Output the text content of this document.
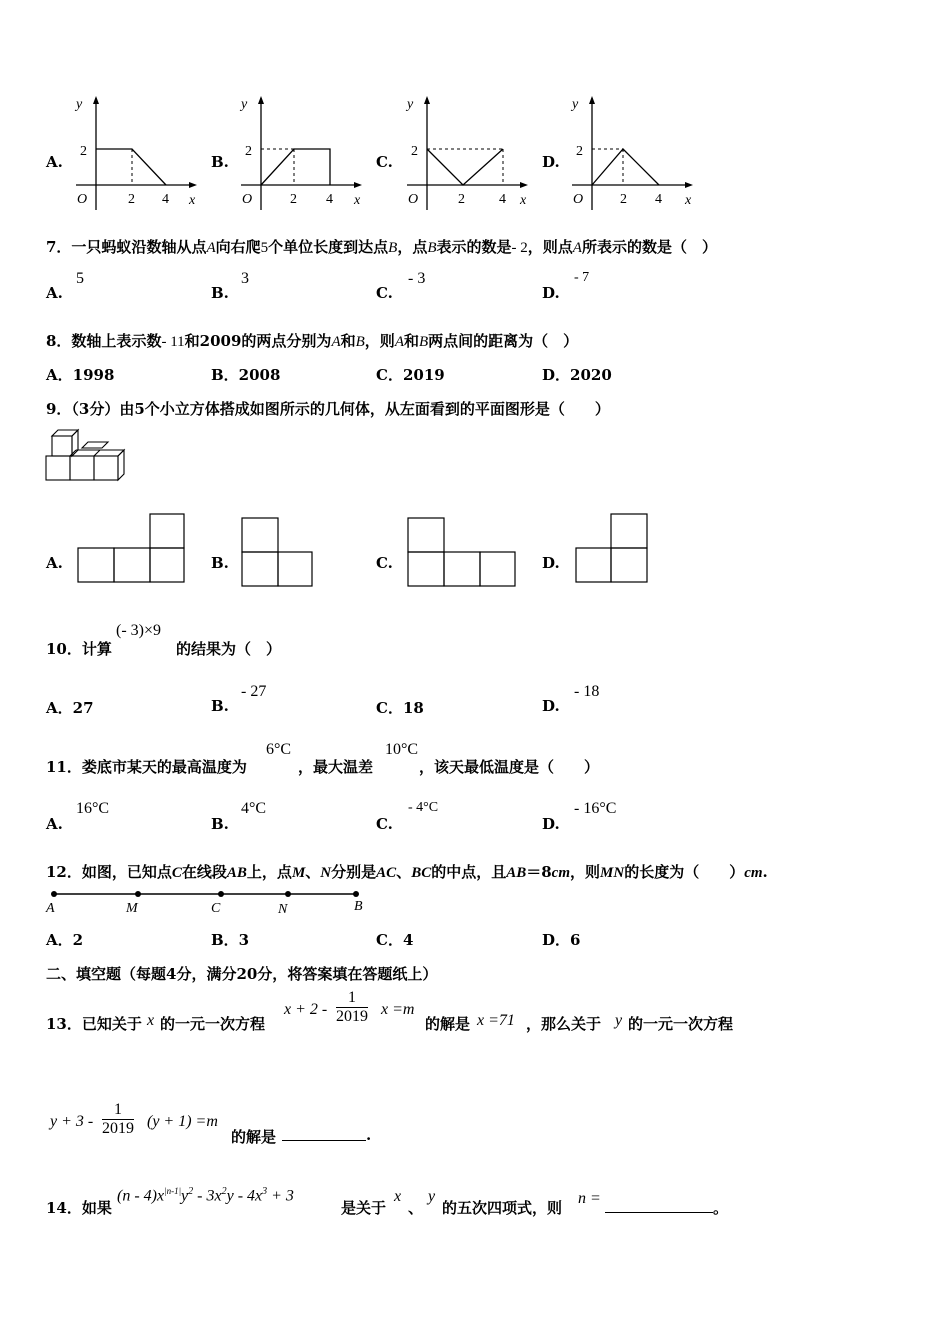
A.
y
2
O	2 4 x
B.
y
2
O	2 4 x
C.
y
2
O	2 4 x
D.
y
2
O	2 4 x
7．一只蚂蚁沿数轴从点A向右爬5个单位长度到达点B，点B表示的数是- 2，则点A所表示的数是（　）
A.
5
B.
3
C.
- 3
D.
- 7
8．数轴上表示数- 11和2009的两点分别为A和B，则A和B两点间的距离为（　）
A．1998	B．2008	C．2019	D．2020
9．（3分）由5个小立方体搭成如图所示的几何体，从左面看到的平面图形是（　　）
A.	B.	C.	D.
10．计算
(- 3)×9
的结果为（　）
A．27	B.
- 27
C．18	D.
- 18
11．娄底市某天的最高温度为
6°C
，最大温差
10°C
，该天最低温度是（　　）
A.
16°C
B.
4°C
C.
- 4°C
D.
- 16°C
12．如图，已知点C在线段AB上，点M、N分别是AC、BC的中点，且AB＝8cm，则MN的长度为（　　）cm.
A	M	C	N	B
A．2	B．3	C．4	D．6
二、填空题（每题4分，满分20分，将答案填在答题纸上）
13．已知关于 x 的一元一次方程
$x + 2 - \frac{1}{2019}$ x =m
的解是 x =71 ，那么关于 y 的一元一次方程
$y + 3 - \frac{1}{2019} (y + 1) =m$
的解是	.
14．如果
$(n - 4)x^{|n-1|}y^2 - 3x^2y - 4x^3 + 3$
是关于
x
、
y
的五次四项式，则
n =
。
